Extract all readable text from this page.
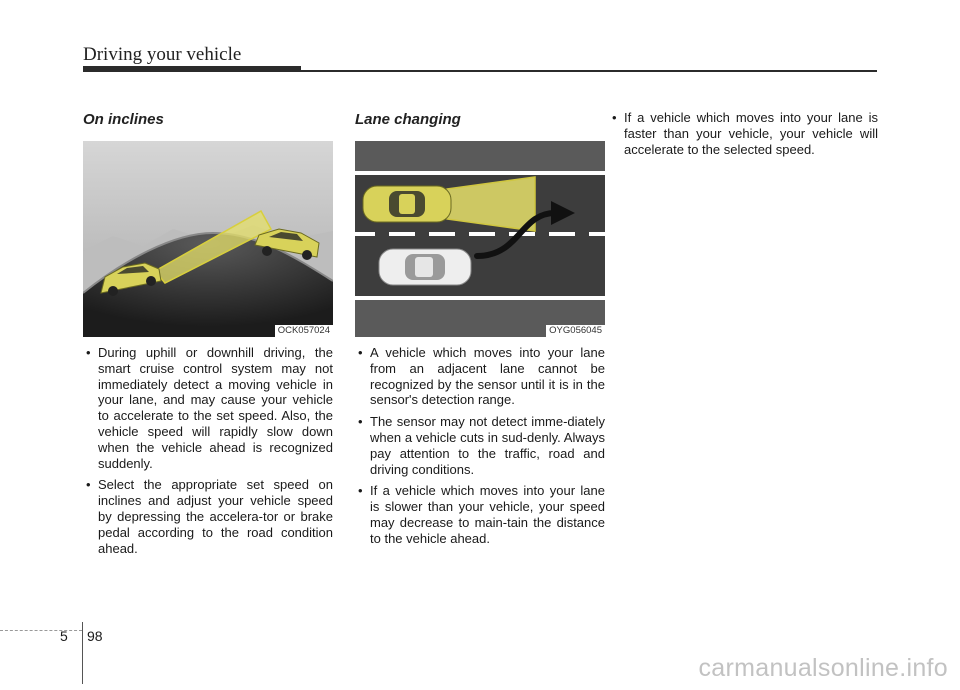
Driving your vehicle
On inclines
OCK057024
• During uphill or downhill driving, the smart cruise control system may not immediately detect a moving vehicle in your lane, and may cause your vehicle to accelerate to the set speed. Also, the vehicle speed will rapidly slow down when the vehicle ahead is recognized suddenly.
• Select the appropriate set speed on inclines and adjust your vehicle speed by depressing the accelera-tor or brake pedal according to the road condition ahead.
Lane changing
OYG056045
• A vehicle which moves into your lane from an adjacent lane cannot be recognized by the sensor until it is in the sensor's detection range.
• The sensor may not detect imme-diately when a vehicle cuts in sud-denly. Always pay attention to the traffic, road and driving conditions.
• If a vehicle which moves into your lane is slower than your vehicle, your speed may decrease to main-tain the distance to the vehicle ahead.
• If a vehicle which moves into your lane is faster than your vehicle, your vehicle will accelerate to the selected speed.
5 98
carmanualsonline.info
